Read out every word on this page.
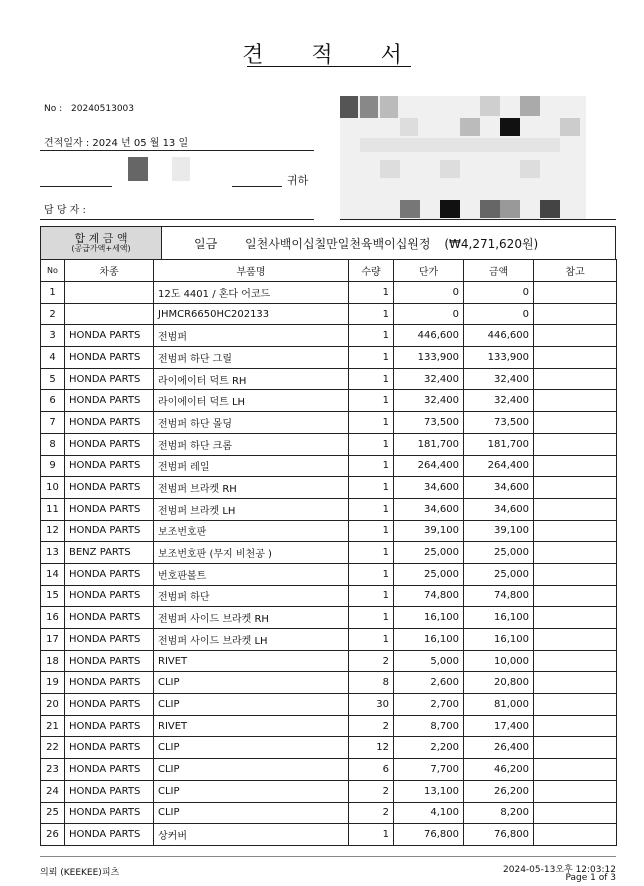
견적서
No : 20240513003
견적일자 : 2024 년 05 월 13 일
귀하
담 당 자 :
합 계 금 액
(공급가액+세액)	일금 일천사백이십칠만일천육백이십원정 (₩4,271,620원)
No	차종	부품명	수량	단가	금액	참고
1		12도 4401 / 혼다 어코드	1	0	0	
2		JHMCR6650HC202133	1	0	0	
3	HONDA PARTS	전범퍼	1	446,600	446,600	
4	HONDA PARTS	전범퍼 하단 그릴	1	133,900	133,900	
5	HONDA PARTS	라이에이터 덕트 RH	1	32,400	32,400	
6	HONDA PARTS	라이에이터 덕트 LH	1	32,400	32,400	
7	HONDA PARTS	전범퍼 하단 몰딩	1	73,500	73,500	
8	HONDA PARTS	전범퍼 하단 크롬	1	181,700	181,700	
9	HONDA PARTS	전범퍼 레일	1	264,400	264,400	
10	HONDA PARTS	전범퍼 브라켓 RH	1	34,600	34,600	
11	HONDA PARTS	전범퍼 브라켓 LH	1	34,600	34,600	
12	HONDA PARTS	보조번호판	1	39,100	39,100	
13	BENZ PARTS	보조번호판 (무지 비천공 )	1	25,000	25,000	
14	HONDA PARTS	번호판볼트	1	25,000	25,000	
15	HONDA PARTS	전범퍼 하단	1	74,800	74,800	
16	HONDA PARTS	전범퍼 사이드 브라켓 RH	1	16,100	16,100	
17	HONDA PARTS	전범퍼 사이드 브라켓 LH	1	16,100	16,100	
18	HONDA PARTS	RIVET	2	5,000	10,000	
19	HONDA PARTS	CLIP	8	2,600	20,800	
20	HONDA PARTS	CLIP	30	2,700	81,000	
21	HONDA PARTS	RIVET	2	8,700	17,400	
22	HONDA PARTS	CLIP	12	2,200	26,400	
23	HONDA PARTS	CLIP	6	7,700	46,200	
24	HONDA PARTS	CLIP	2	13,100	26,200	
25	HONDA PARTS	CLIP	2	4,100	8,200	
26	HONDA PARTS	상커버	1	76,800	76,800	
의뢰 (KEEKEE)피츠	2024-05-13오후 12:03:12
Page 1 of 3
